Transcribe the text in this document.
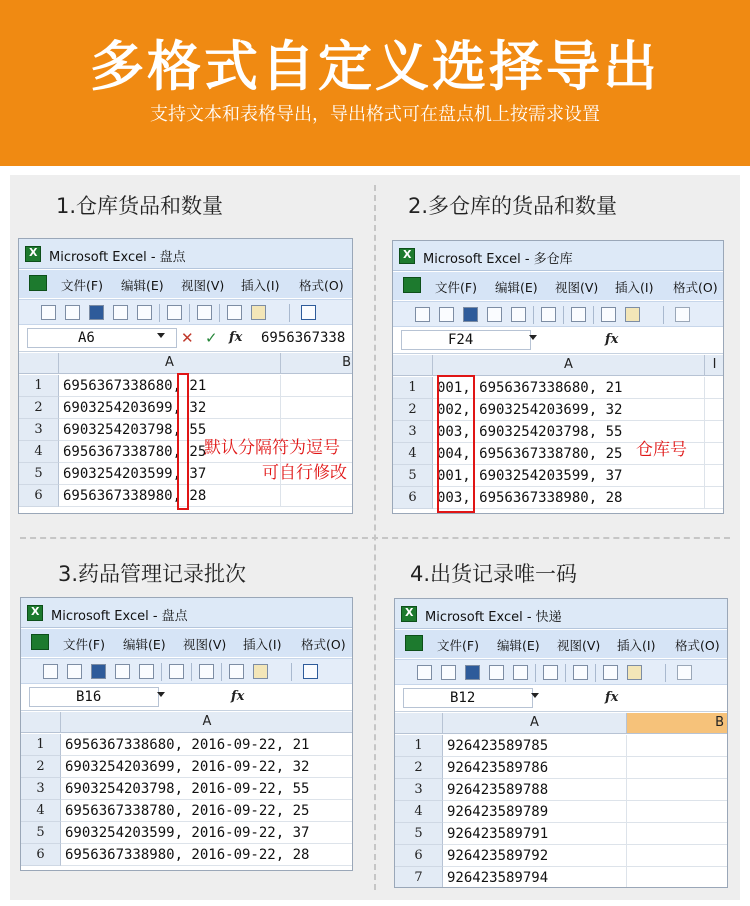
多格式自定义选择导出
支持文本和表格导出，导出格式可在盘点机上按需求设置
1.仓库货品和数量	2.多仓库的货品和数量
3.药品管理记录批次	4.出货记录唯一码
X
Microsoft Excel - 盘点
文件(F) 编辑(E) 视图(V) 插入(I) 格式(O)
A6	✕ ✓ fx 6956367338
A	B
1	6956367338680, 21
2	6903254203699, 32
3	6903254203798, 55
4	6956367338780, 25
5	6903254203599, 37
6	6956367338980, 28
默认分隔符为逗号
可自行修改
X
Microsoft Excel - 多仓库
文件(F) 编辑(E) 视图(V) 插入(I) 格式(O)
F24	fx
A	I
1	001, 6956367338680, 21
2	002, 6903254203699, 32
3	003, 6903254203798, 55
4	004, 6956367338780, 25
5	001, 6903254203599, 37
6	003, 6956367338980, 28
仓库号
X
Microsoft Excel - 盘点
文件(F) 编辑(E) 视图(V) 插入(I) 格式(O)
B16	fx
A
1	6956367338680, 2016-09-22, 21
2	6903254203699, 2016-09-22, 32
3	6903254203798, 2016-09-22, 55
4	6956367338780, 2016-09-22, 25
5	6903254203599, 2016-09-22, 37
6	6956367338980, 2016-09-22, 28
X
Microsoft Excel - 快递
文件(F) 编辑(E) 视图(V) 插入(I) 格式(O)
B12	fx
A	B
1	926423589785
2	926423589786
3	926423589788
4	926423589789
5	926423589791
6	926423589792
7	926423589794
